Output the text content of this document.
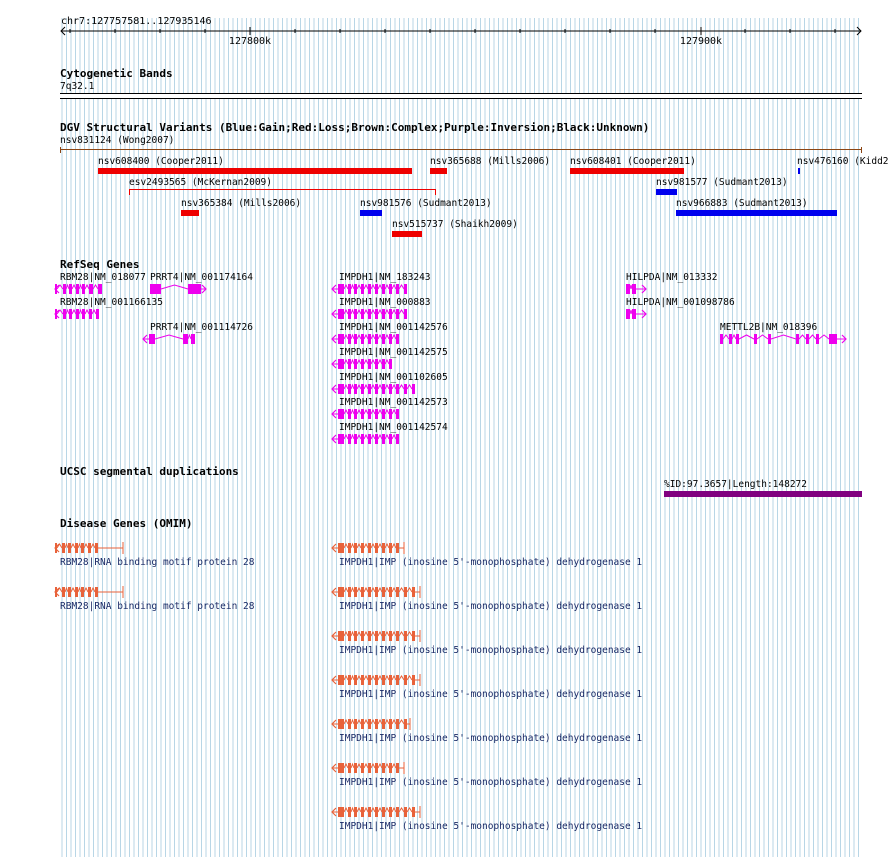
chr7:127757581..127935146
127800k	127900k
Cytogenetic Bands
7q32.1
DGV Structural Variants (Blue:Gain;Red:Loss;Brown:Complex;Purple:Inversion;Black:Unknown)
nsv831124 (Wong2007)
nsv608400 (Cooper2011)	nsv365688 (Mills2006) nsv608401 (Cooper2011)	nsv476160 (Kidd2
esv2493565 (McKernan2009)	nsv981577 (Sudmant2013)
nsv365384 (Mills2006)	nsv981576 (Sudmant2013)	nsv966883 (Sudmant2013)
nsv515737 (Shaikh2009)
RefSeq Genes
RBM28|NM_018077 PRRT4|NM_001174164
RBM28|NM_001166135
PRRT4|NM_001114726
IMPDH1|NM_183243
IMPDH1|NM_000883
IMPDH1|NM_001142576
IMPDH1|NM_001142575
IMPDH1|NM_001102605
IMPDH1|NM_001142573
IMPDH1|NM_001142574
HILPDA|NM_013332
HILPDA|NM_001098786
METTL2B|NM_018396
UCSC segmental duplications
%ID:97.3657|Length:148272
Disease Genes (OMIM)
RBM28|RNA binding motif protein 28
RBM28|RNA binding motif protein 28
IMPDH1|IMP (inosine 5'-monophosphate) dehydrogenase 1
IMPDH1|IMP (inosine 5'-monophosphate) dehydrogenase 1
IMPDH1|IMP (inosine 5'-monophosphate) dehydrogenase 1
IMPDH1|IMP (inosine 5'-monophosphate) dehydrogenase 1
IMPDH1|IMP (inosine 5'-monophosphate) dehydrogenase 1
IMPDH1|IMP (inosine 5'-monophosphate) dehydrogenase 1
IMPDH1|IMP (inosine 5'-monophosphate) dehydrogenase 1
